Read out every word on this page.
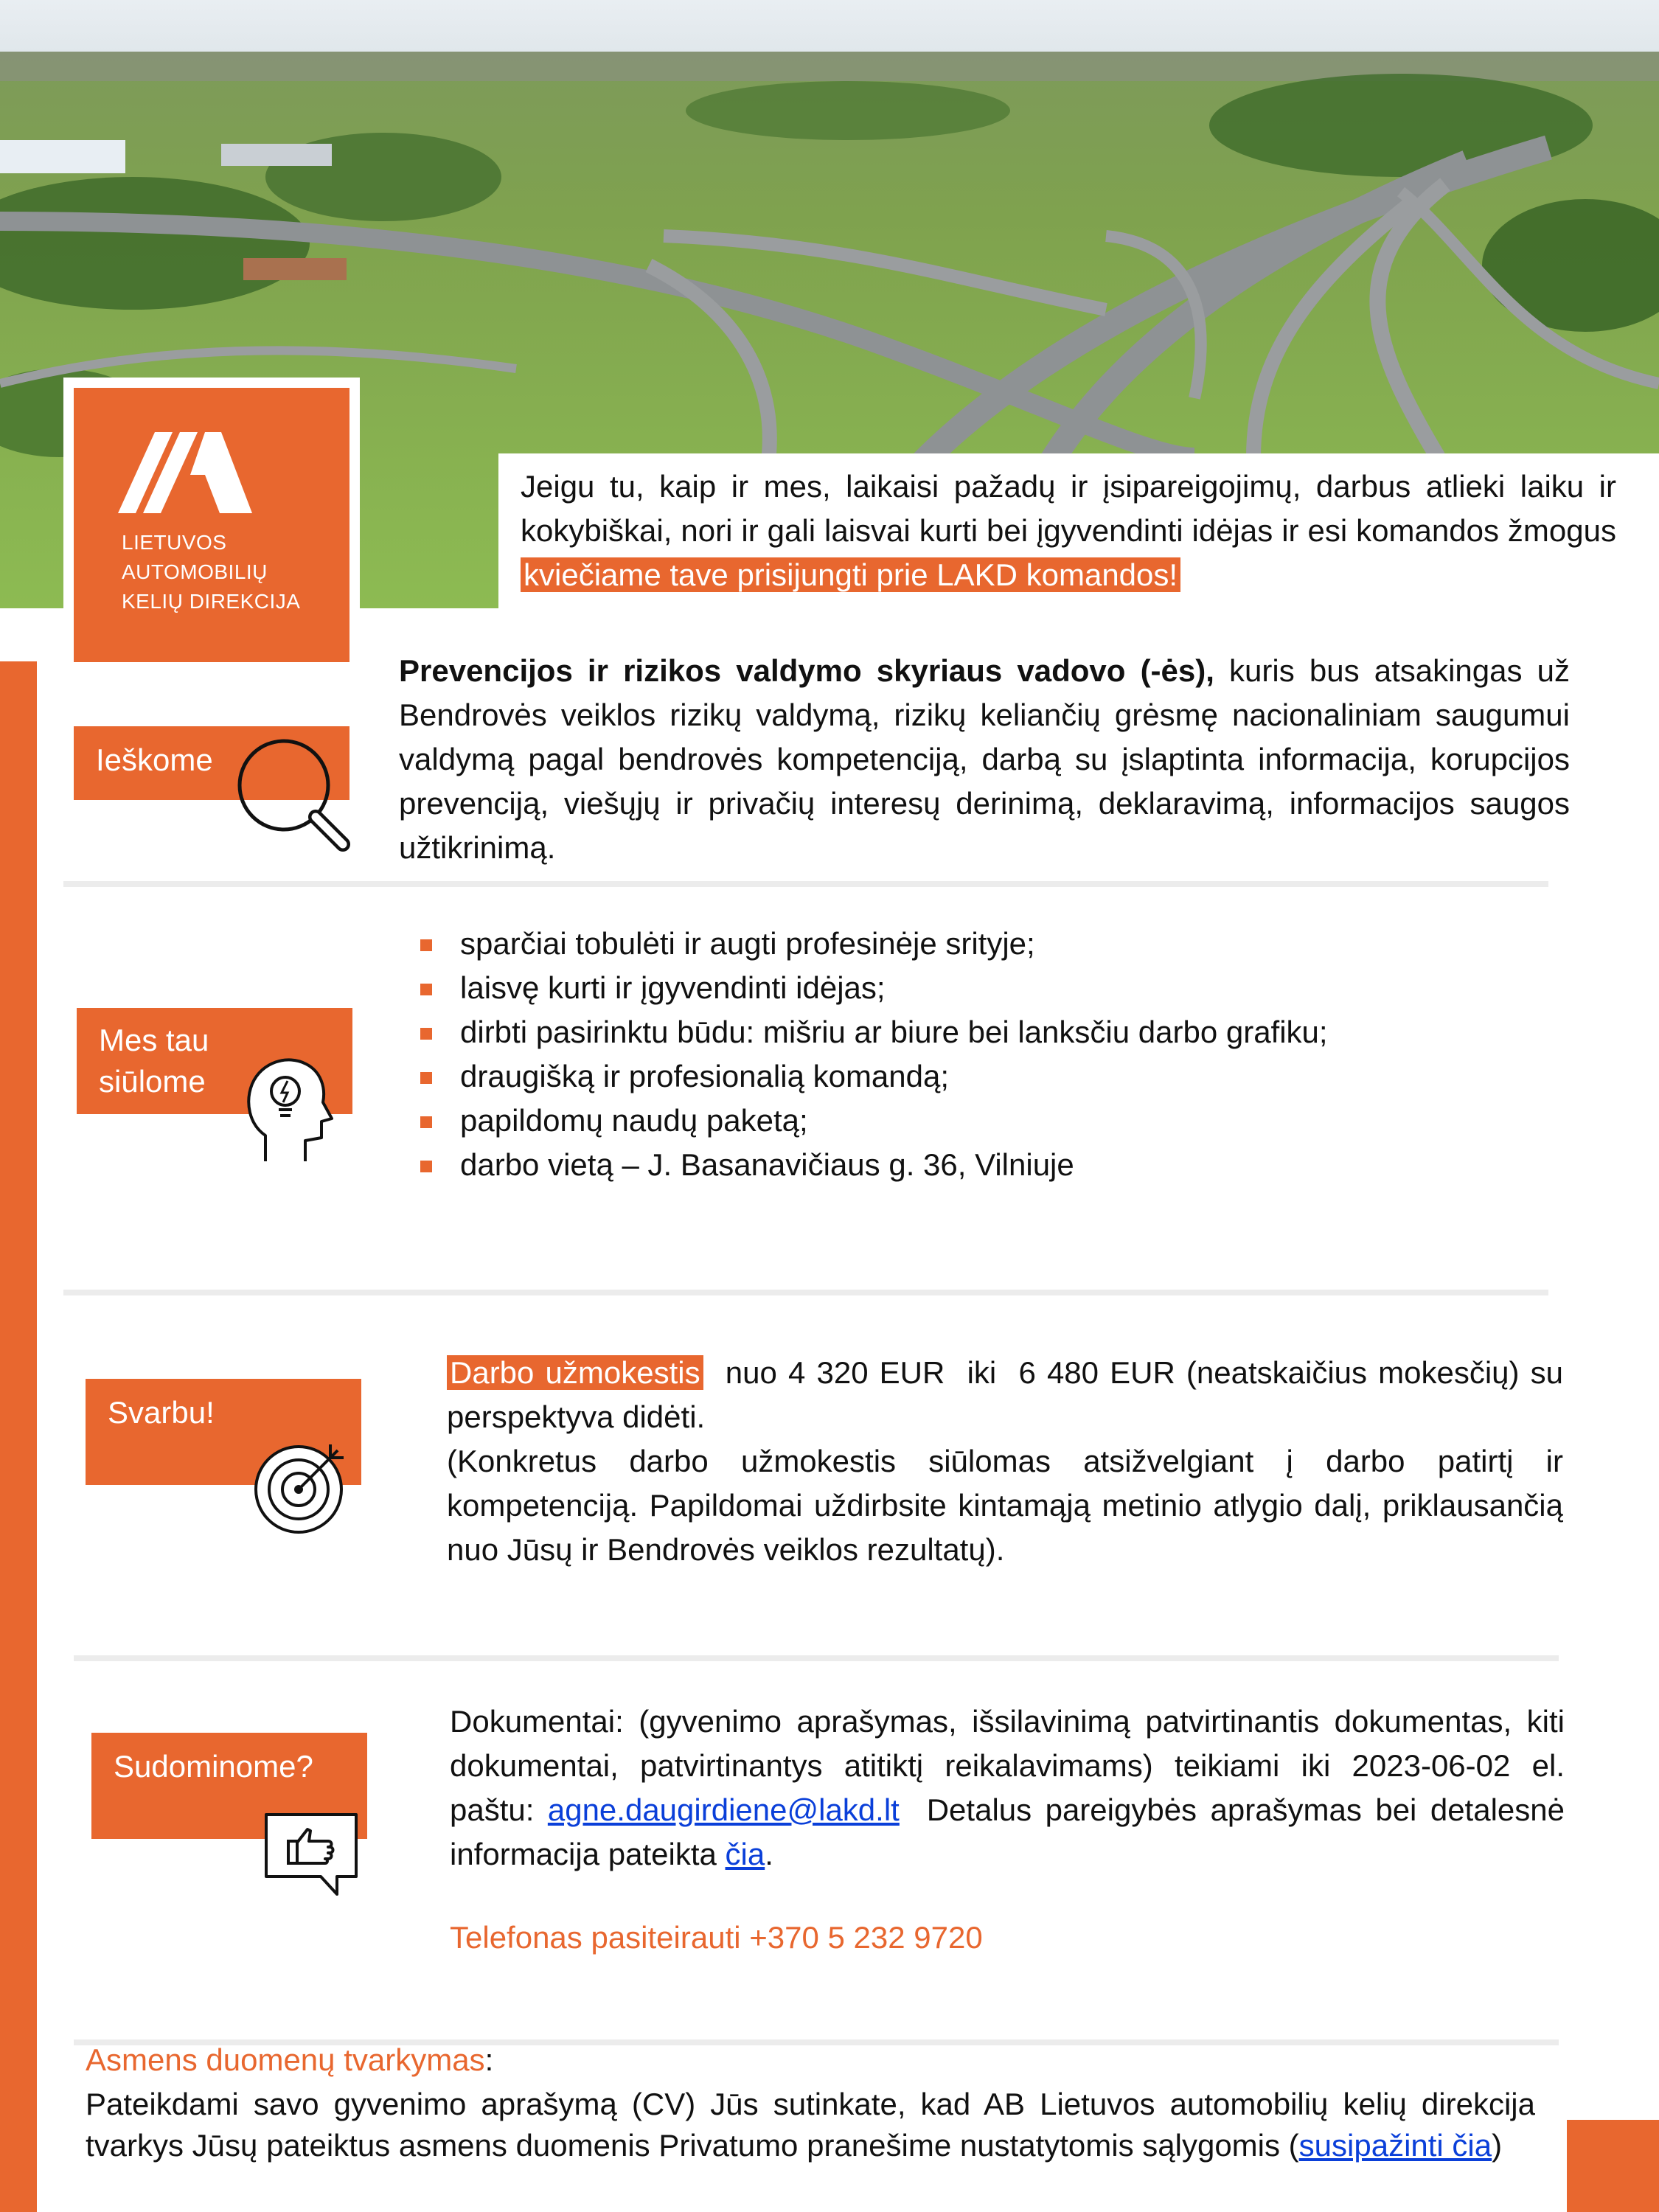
LIETUVOS
AUTOMOBILIŲ
KELIŲ DIREKCIJA
Jeigu tu, kaip ir mes, laikaisi pažadų ir įsipareigojimų, darbus atlieki laiku ir kokybiškai, nori ir gali laisvai kurti bei įgyvendinti idėjas ir esi komandos žmogus kviečiame tave prisijungti prie LAKD komandos!
Ieškome
Prevencijos ir rizikos valdymo skyriaus vadovo (-ės), kuris bus atsakingas už Bendrovės veiklos rizikų valdymą, rizikų keliančių grėsmę nacionaliniam saugumui valdymą pagal bendrovės kompetenciją, darbą su įslaptinta informacija, korupcijos prevenciją, viešųjų ir privačių interesų derinimą, deklaravimą, informacijos saugos užtikrinimą.
Mes tau
siūlome
sparčiai tobulėti ir augti profesinėje srityje;
laisvę kurti ir įgyvendinti idėjas;
dirbti pasirinktu būdu: mišriu ar biure bei lanksčiu darbo grafiku;
draugišką ir profesionalią komandą;
papildomų naudų paketą;
darbo vietą – J. Basanavičiaus g. 36, Vilniuje
Svarbu!
Darbo užmokestis  nuo 4 320 EUR  iki  6 480 EUR (neatskaičius mokesčių) su perspektyva didėti.
(Konkretus darbo užmokestis siūlomas atsižvelgiant į darbo patirtį ir kompetenciją. Papildomai uždirbsite kintamąją metinio atlygio dalį, priklausančią nuo Jūsų ir Bendrovės veiklos rezultatų).
Sudominome?
Dokumentai: (gyvenimo aprašymas, išsilavinimą patvirtinantis dokumentas, kiti dokumentai, patvirtinantys atitiktį reikalavimams) teikiami iki 2023-06-02 el. paštu: agne.daugirdiene@lakd.lt  Detalus pareigybės aprašymas bei detalesnė informacija pateikta čia.
Telefonas pasiteirauti +370 5 232 9720
Asmens duomenų tvarkymas:
Pateikdami savo gyvenimo aprašymą (CV) Jūs sutinkate, kad AB Lietuvos automobilių kelių direkcija tvarkys Jūsų pateiktus asmens duomenis Privatumo pranešime nustatytomis sąlygomis (susipažinti čia)
